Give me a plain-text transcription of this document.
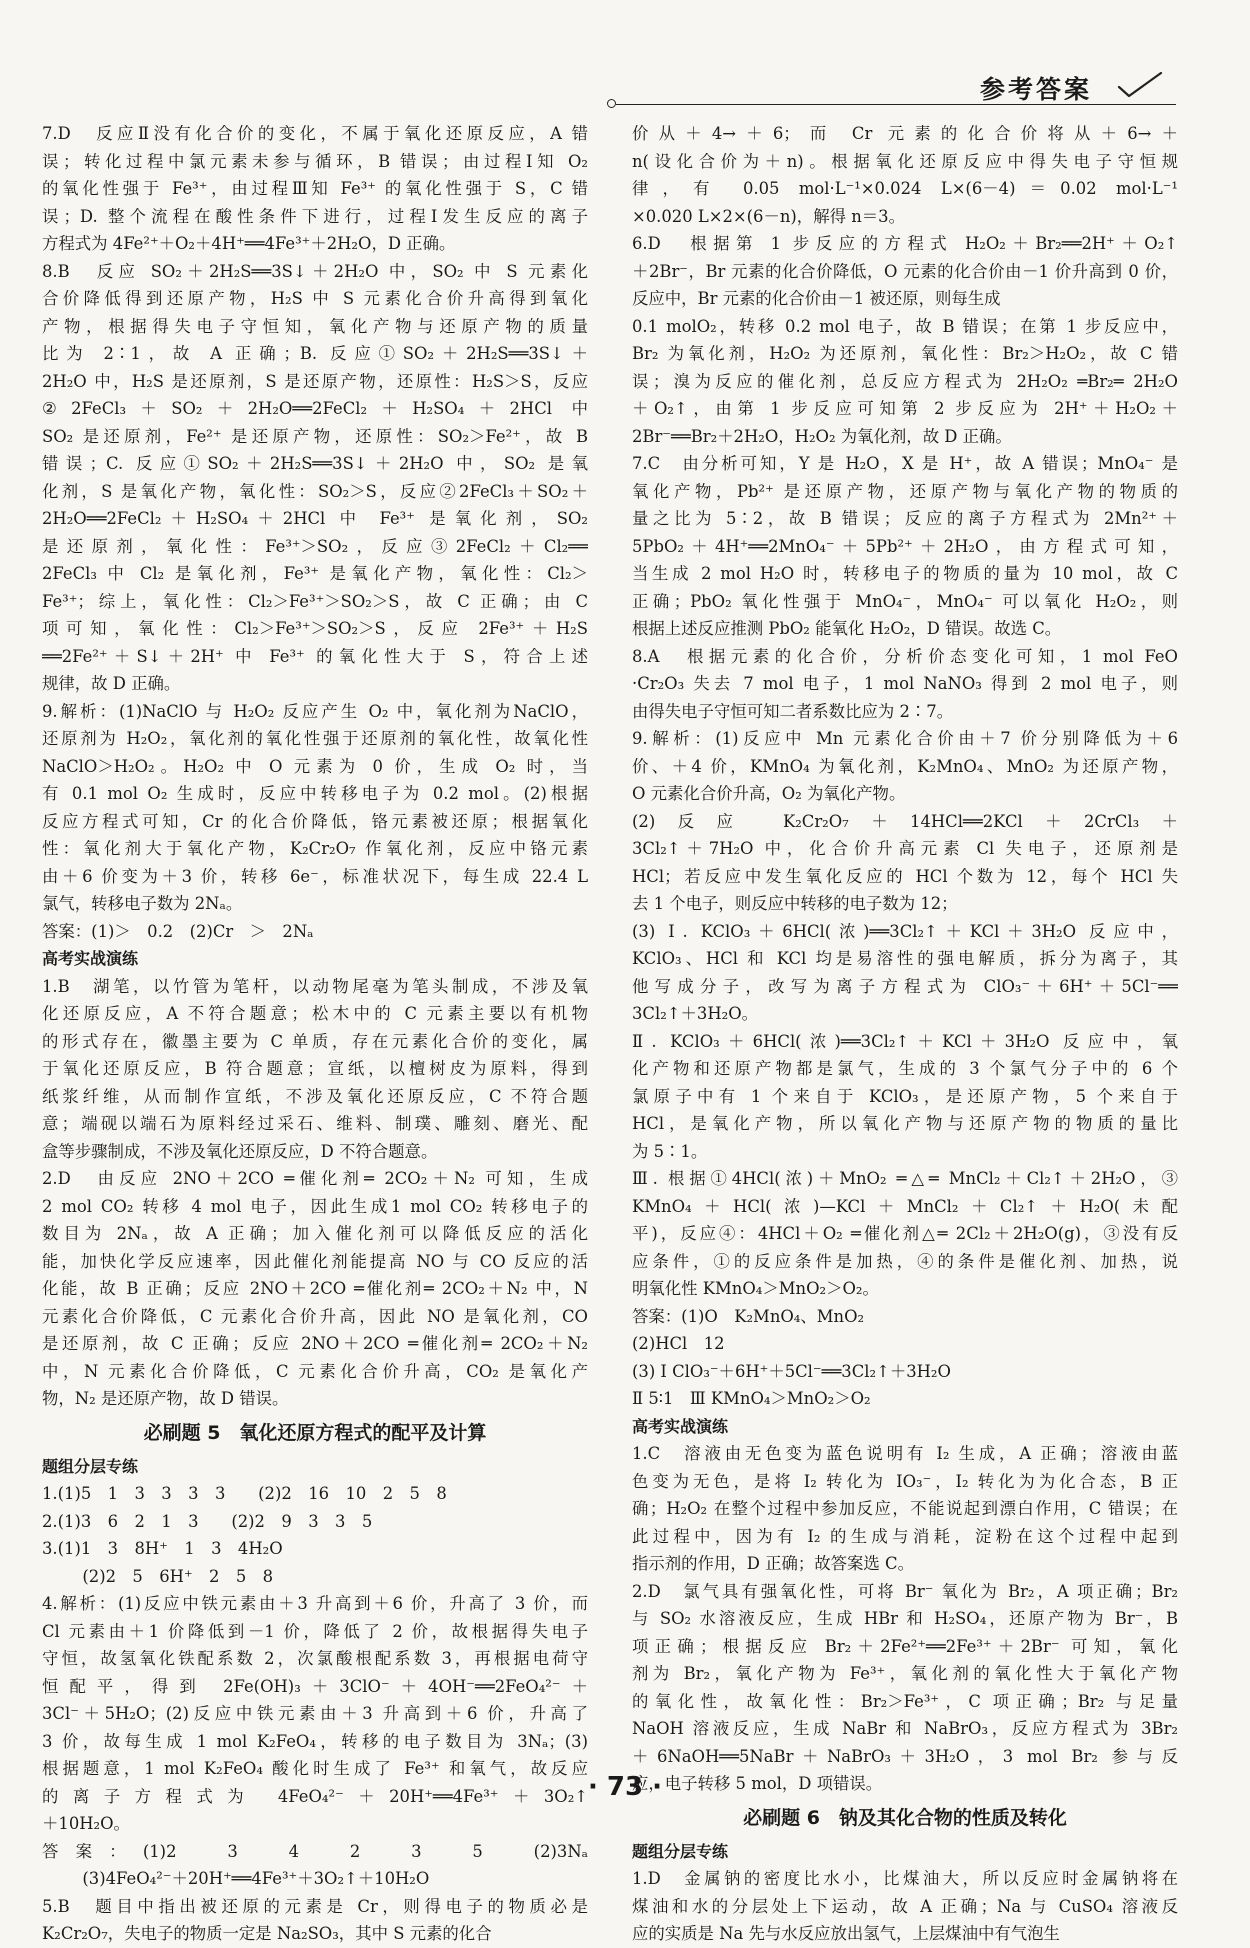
参考答案

7.D　反应Ⅱ没有化合价的变化，不属于氧化还原反应，A 错

误；转化过程中氯元素未参与循环，B 错误；由过程Ⅰ知 O₂

的氧化性强于 Fe³⁺，由过程Ⅲ知 Fe³⁺ 的氧化性强于 S，C 错

误；D. 整个流程在酸性条件下进行，过程Ⅰ发生反应的离子

方程式为 4Fe²⁺＋O₂＋4H⁺══4Fe³⁺＋2H₂O，D 正确。

8.B　反应 SO₂＋2H₂S══3S↓＋2H₂O 中，SO₂ 中 S 元素化

合价降低得到还原产物，H₂S 中 S 元素化合价升高得到氧化

产物，根据得失电子守恒知，氧化产物与还原产物的质量

比为 2∶1，故 A 正确；B. 反应①SO₂＋2H₂S══3S↓＋

2H₂O 中，H₂S 是还原剂，S 是还原产物，还原性：H₂S＞S，反应

②2FeCl₃＋SO₂＋2H₂O══2FeCl₂＋H₂SO₄＋2HCl 中

SO₂ 是还原剂，Fe²⁺ 是还原产物，还原性：SO₂＞Fe²⁺，故 B

错误；C. 反应①SO₂＋2H₂S══3S↓＋2H₂O 中，SO₂ 是氧

化剂，S 是氧化产物，氧化性：SO₂＞S，反应②2FeCl₃＋SO₂＋

2H₂O══2FeCl₂＋H₂SO₄＋2HCl 中 Fe³⁺ 是氧化剂，SO₂

是还原剂，氧化性：Fe³⁺＞SO₂，反应③2FeCl₂＋Cl₂══

2FeCl₃ 中 Cl₂ 是氧化剂，Fe³⁺ 是氧化产物，氧化性：Cl₂＞

Fe³⁺；综上，氧化性：Cl₂＞Fe³⁺＞SO₂＞S，故 C 正确；由 C

项可知，氧化性：Cl₂＞Fe³⁺＞SO₂＞S，反应 2Fe³⁺＋H₂S

══2Fe²⁺＋S↓＋2H⁺ 中 Fe³⁺ 的氧化性大于 S，符合上述

规律，故 D 正确。

9.解析：(1)NaClO 与 H₂O₂ 反应产生 O₂ 中，氧化剂为NaClO，

还原剂为 H₂O₂，氧化剂的氧化性强于还原剂的氧化性，故氧化性

NaClO＞H₂O₂。H₂O₂ 中 O 元素为 0 价，生成 O₂ 时，当

有 0.1 mol O₂ 生成时，反应中转移电子为 0.2 mol。(2)根据

反应方程式可知，Cr 的化合价降低，铬元素被还原；根据氧化

性：氧化剂大于氧化产物，K₂Cr₂O₇ 作氧化剂，反应中铬元素

由＋6 价变为＋3 价，转移 6e⁻，标准状况下，每生成 22.4 L

氯气，转移电子数为 2Nₐ。

答案：(1)＞　0.2　(2)Cr　＞　2Nₐ

高考实战演练

1.B　湖笔，以竹管为笔杆，以动物尾毫为笔头制成，不涉及氧

化还原反应，A 不符合题意；松木中的 C 元素主要以有机物

的形式存在，徽墨主要为 C 单质，存在元素化合价的变化，属

于氧化还原反应，B 符合题意；宣纸，以檀树皮为原料，得到

纸浆纤维，从而制作宣纸，不涉及氧化还原反应，C 不符合题

意；端砚以端石为原料经过采石、维料、制璞、雕刻、磨光、配

盒等步骤制成，不涉及氧化还原反应，D 不符合题意。

2.D　由反应 2NO＋2CO ═催化剂═ 2CO₂＋N₂ 可知，生成

2 mol CO₂ 转移 4 mol 电子，因此生成1 mol CO₂ 转移电子的

数目为 2Nₐ，故 A 正确；加入催化剂可以降低反应的活化

能，加快化学反应速率，因此催化剂能提高 NO 与 CO 反应的活

化能，故 B 正确；反应 2NO＋2CO ═催化剂═ 2CO₂＋N₂ 中，N

元素化合价降低，C 元素化合价升高，因此 NO 是氧化剂，CO

是还原剂，故 C 正确；反应 2NO＋2CO ═催化剂═ 2CO₂＋N₂

中，N 元素化合价降低，C 元素化合价升高，CO₂ 是氧化产

物，N₂ 是还原产物，故 D 错误。

必刷题 5　氧化还原方程式的配平及计算

题组分层专练

1.(1)5　1　3　3　3　3　　(2)2　16　10　2　5　8

2.(1)3　6　2　1　3　　(2)2　9　3　3　5

3.(1)1　3　8H⁺　1　3　4H₂O

　(2)2　5　6H⁺　2　5　8

4.解析：(1)反应中铁元素由＋3 升高到＋6 价，升高了 3 价，而

Cl 元素由＋1 价降低到－1 价，降低了 2 价，故根据得失电子

守恒，故氢氧化铁配系数 2，次氯酸根配系数 3，再根据电荷守

恒配平，得到 2Fe(OH)₃＋3ClO⁻＋4OH⁻══2FeO₄²⁻＋

3Cl⁻＋5H₂O；(2)反应中铁元素由＋3 升高到＋6 价，升高了

3 价，故每生成 1 mol K₂FeO₄，转移的电子数目为 3Nₐ；(3)

根据题意，1 mol K₂FeO₄ 酸化时生成了 Fe³⁺ 和氧气，故反应

的离子方程式为 4FeO₄²⁻＋20H⁺══4Fe³⁺＋3O₂↑

＋10H₂O。

答案：(1)2　3　4　2　3　5　(2)3Nₐ

　(3)4FeO₄²⁻＋20H⁺══4Fe³⁺＋3O₂↑＋10H₂O

5.B　题目中指出被还原的元素是 Cr，则得电子的物质必是

K₂Cr₂O₇，失电子的物质一定是 Na₂SO₃，其中 S 元素的化合

价从＋4→＋6；而 Cr 元素的化合价将从＋6→＋

n(设化合价为＋n)。根据氧化还原反应中得失电子守恒规

律，有 0.05 mol·L⁻¹×0.024 L×(6－4)＝0.02 mol·L⁻¹

×0.020 L×2×(6－n)，解得 n＝3。

6.D　根据第 1 步反应的方程式 H₂O₂＋Br₂══2H⁺＋O₂↑

＋2Br⁻，Br 元素的化合价降低，O 元素的化合价由－1 价升高到 0 价，

反应中，Br 元素的化合价由－1 被还原，则每生成

0.1 molO₂，转移 0.2 mol 电子，故 B 错误；在第 1 步反应中，

Br₂ 为氧化剂，H₂O₂ 为还原剂，氧化性：Br₂＞H₂O₂，故 C 错

误；溴为反应的催化剂，总反应方程式为 2H₂O₂ ═Br₂═ 2H₂O

＋O₂↑，由第 1 步反应可知第 2 步反应为 2H⁺＋H₂O₂＋

2Br⁻══Br₂＋2H₂O，H₂O₂ 为氧化剂，故 D 正确。

7.C　由分析可知，Y 是 H₂O，X 是 H⁺，故 A 错误；MnO₄⁻ 是

氧化产物，Pb²⁺ 是还原产物，还原产物与氧化产物的物质的

量之比为 5∶2，故 B 错误；反应的离子方程式为 2Mn²⁺＋

5PbO₂＋4H⁺══2MnO₄⁻＋5Pb²⁺＋2H₂O，由方程式可知，

当生成 2 mol H₂O 时，转移电子的物质的量为 10 mol，故 C

正确；PbO₂ 氧化性强于 MnO₄⁻，MnO₄⁻ 可以氧化 H₂O₂，则

根据上述反应推测 PbO₂ 能氧化 H₂O₂，D 错误。故选 C。

8.A　根据元素的化合价，分析价态变化可知，1 mol FeO

·Cr₂O₃ 失去 7 mol 电子，1 mol NaNO₃ 得到 2 mol 电子，则

由得失电子守恒可知二者系数比应为 2∶7。

9.解析：(1)反应中 Mn 元素化合价由＋7 价分别降低为＋6

价、＋4 价，KMnO₄ 为氧化剂，K₂MnO₄、MnO₂ 为还原产物，

O 元素化合价升高，O₂ 为氧化产物。

(2)反应 K₂Cr₂O₇＋14HCl══2KCl＋2CrCl₃＋

3Cl₂↑＋7H₂O 中，化合价升高元素 Cl 失电子，还原剂是

HCl；若反应中发生氧化反应的 HCl 个数为 12，每个 HCl 失

去 1 个电子，则反应中转移的电子数为 12；

(3) Ⅰ. KClO₃＋6HCl(浓)══3Cl₂↑＋KCl＋3H₂O 反应中，

KClO₃、HCl 和 KCl 均是易溶性的强电解质，拆分为离子，其

他写成分子，改写为离子方程式为 ClO₃⁻＋6H⁺＋5Cl⁻══

3Cl₂↑＋3H₂O。

Ⅱ. KClO₃＋6HCl(浓)══3Cl₂↑＋KCl＋3H₂O 反应中，氧

化产物和还原产物都是氯气，生成的 3 个氯气分子中的 6 个

氯原子中有 1 个来自于 KClO₃，是还原产物，5 个来自于

HCl，是氧化产物，所以氧化产物与还原产物的物质的量比

为 5∶1。

Ⅲ. 根据①4HCl(浓)＋MnO₂ ═△═ MnCl₂＋Cl₂↑＋2H₂O，③

KMnO₄＋HCl(浓)—KCl＋MnCl₂＋Cl₂↑＋H₂O(未配

平)，反应④：4HCl＋O₂ ═催化剂△═ 2Cl₂＋2H₂O(g)，③没有反

应条件，①的反应条件是加热，④的条件是催化剂、加热，说

明氧化性 KMnO₄＞MnO₂＞O₂。

答案：(1)O　K₂MnO₄、MnO₂

(2)HCl　12

(3) Ⅰ ClO₃⁻＋6H⁺＋5Cl⁻══3Cl₂↑＋3H₂O

Ⅱ 5∶1　Ⅲ KMnO₄＞MnO₂＞O₂

高考实战演练

1.C　溶液由无色变为蓝色说明有 I₂ 生成，A 正确；溶液由蓝

色变为无色，是将 I₂ 转化为 IO₃⁻，I₂ 转化为为化合态，B 正

确；H₂O₂ 在整个过程中参加反应，不能说起到漂白作用，C 错误；在

此过程中，因为有 I₂ 的生成与消耗，淀粉在这个过程中起到

指示剂的作用，D 正确；故答案选 C。

2.D　氯气具有强氧化性，可将 Br⁻ 氧化为 Br₂，A 项正确；Br₂

与 SO₂ 水溶液反应，生成 HBr 和 H₂SO₄，还原产物为 Br⁻，B

项正确；根据反应 Br₂＋2Fe²⁺══2Fe³⁺＋2Br⁻ 可知，氧化

剂为 Br₂，氧化产物为 Fe³⁺，氧化剂的氧化性大于氧化产物

的氧化性，故氧化性：Br₂＞Fe³⁺，C 项正确；Br₂ 与足量

NaOH 溶液反应，生成 NaBr 和 NaBrO₃，反应方程式为 3Br₂

＋6NaOH══5NaBr＋NaBrO₃＋3H₂O，3 mol Br₂ 参与反

应，电子转移 5 mol，D 项错误。

必刷题 6　钠及其化合物的性质及转化

题组分层专练

1.D　金属钠的密度比水小，比煤油大，所以反应时金属钠将在

煤油和水的分层处上下运动，故 A 正确；Na 与 CuSO₄ 溶液反

应的实质是 Na 先与水反应放出氢气，上层煤油中有气泡生

· 73 ·
